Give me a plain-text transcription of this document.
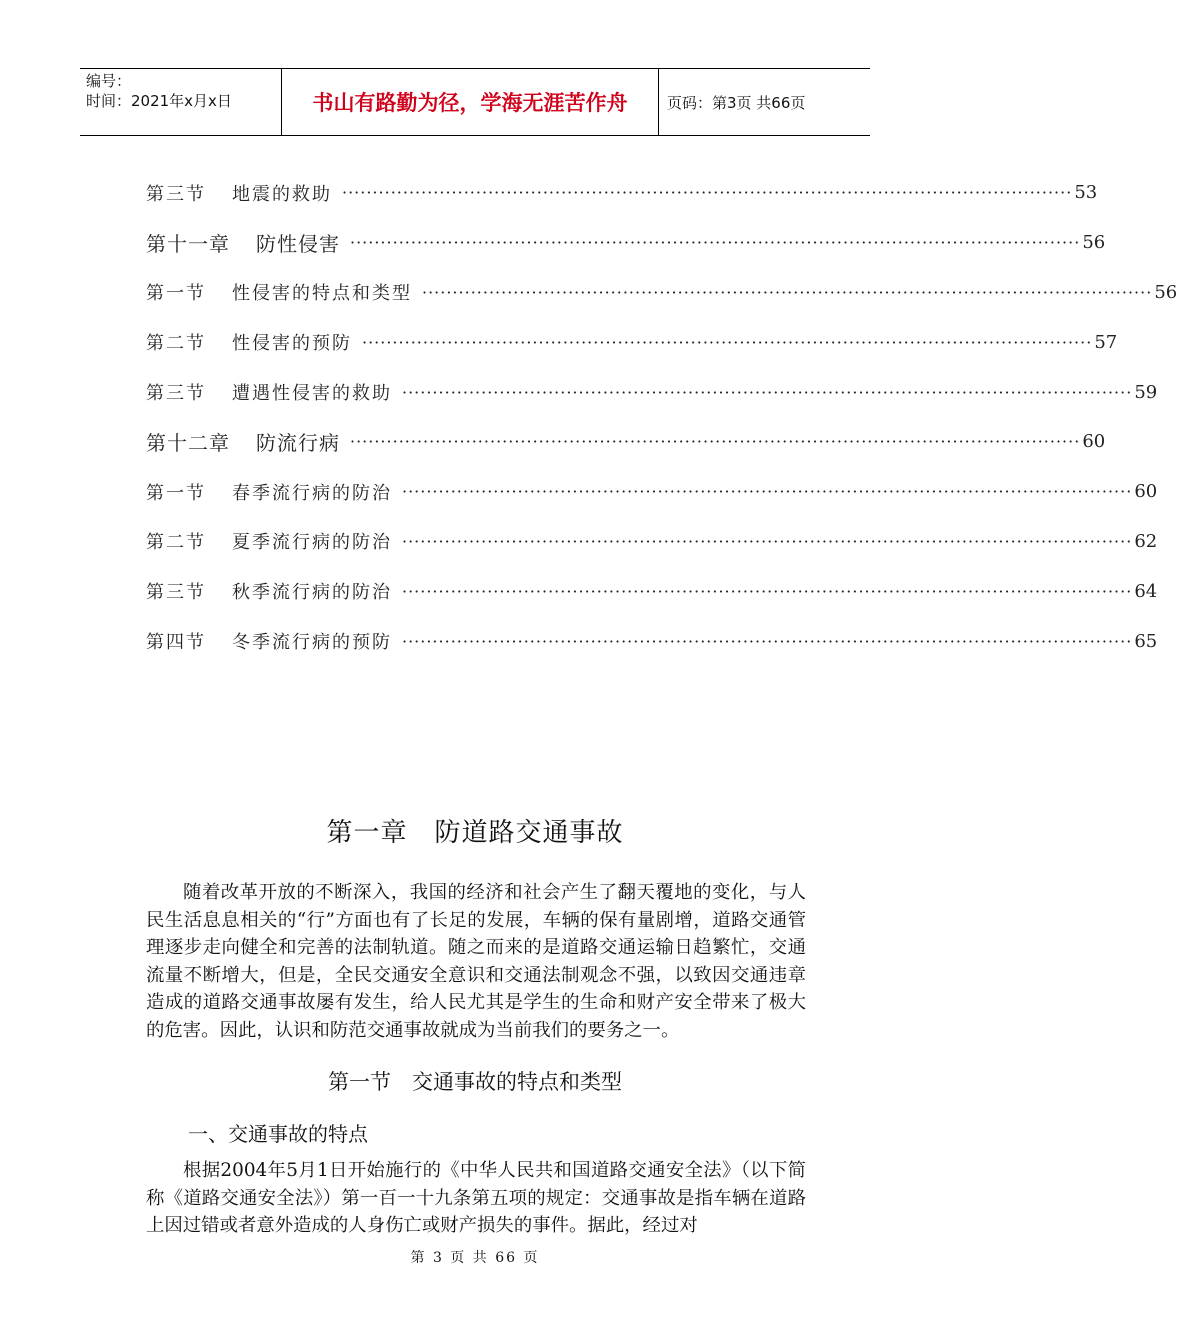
编号：
时间：2021年x月x日	书山有路勤为径，学海无涯苦作舟	页码：第3页 共66页
第三节 地震的救助 ························································································································ 53
第十一章 防性侵害 ························································································································ 56
第一节 性侵害的特点和类型 ························································································································ 56
第二节 性侵害的预防 ························································································································ 57
第三节 遭遇性侵害的救助 ························································································································ 59
第十二章 防流行病 ························································································································ 60
第一节 春季流行病的防治 ························································································································ 60
第二节 夏季流行病的防治 ························································································································ 62
第三节 秋季流行病的防治 ························································································································ 64
第四节 冬季流行病的预防 ························································································································ 65
第一章　防道路交通事故
随着改革开放的不断深入，我国的经济和社会产生了翻天覆地的变化，与人民生活息息相关的“行”方面也有了长足的发展，车辆的保有量剧增，道路交通管理逐步走向健全和完善的法制轨道。随之而来的是道路交通运输日趋繁忙，交通流量不断增大，但是，全民交通安全意识和交通法制观念不强，以致因交通违章造成的道路交通事故屡有发生，给人民尤其是学生的生命和财产安全带来了极大的危害。因此，认识和防范交通事故就成为当前我们的要务之一。
第一节　交通事故的特点和类型
一、交通事故的特点
根据2004年5月1日开始施行的《中华人民共和国道路交通安全法》（以下简称《道路交通安全法》）第一百一十九条第五项的规定：交通事故是指车辆在道路上因过错或者意外造成的人身伤亡或财产损失的事件。据此，经过对
第 3 页 共 66 页
